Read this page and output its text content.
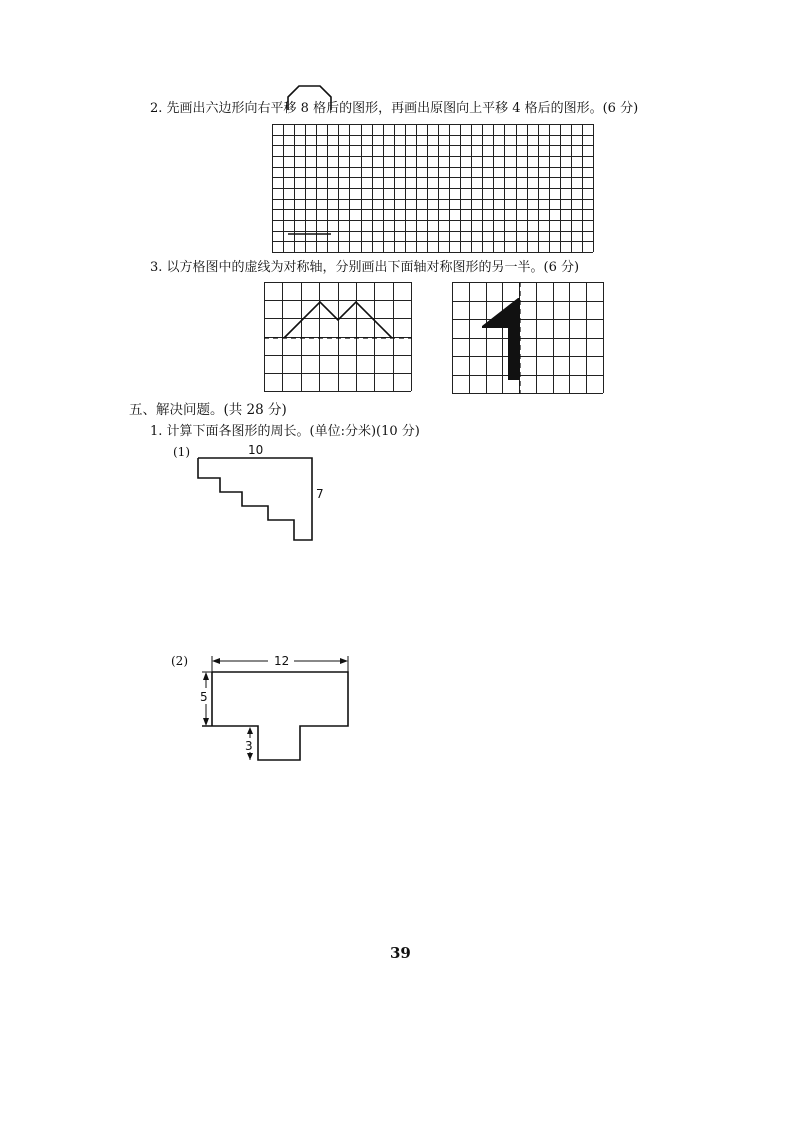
2. 先画出六边形向右平移 8 格后的图形，再画出原图向上平移 4 格后的图形。(6 分)
3. 以方格图中的虚线为对称轴，分别画出下面轴对称图形的另一半。(6 分)
五、解决问题。(共 28 分)
1. 计算下面各图形的周长。(单位:分米)(10 分)
(1)	10
7
(2)	12
5
3
39
